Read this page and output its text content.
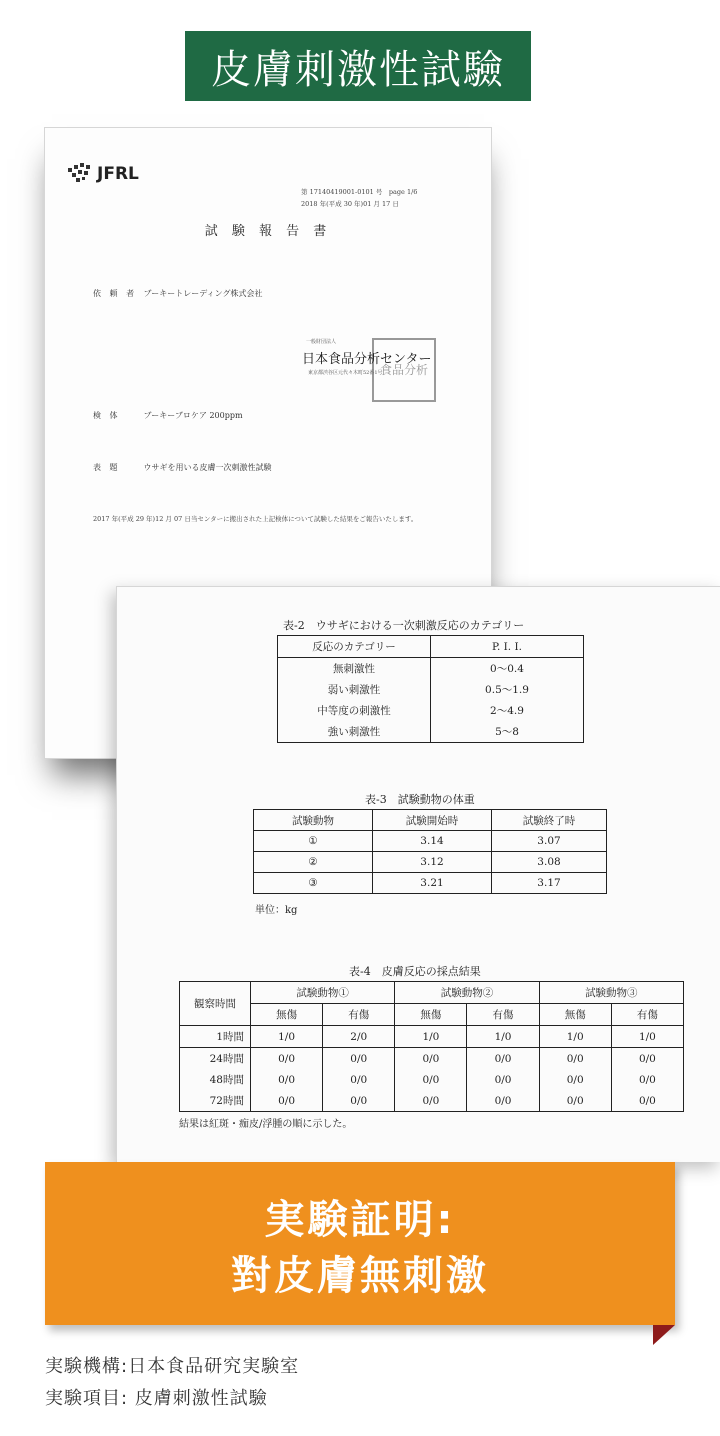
皮膚刺激性試驗
JFRL
第 17140419001-0101 号　page 1/6
2018 年(平成 30 年)01 月 17 日
試 験 報 告 書
依 頼 者 ブーキートレーディング株式会社
一般財団法人
日本食品分析センター
東京都渋谷区元代々木町52番1号
食品分析
検 体	ブーキーブロケア 200ppm
表 題	ウサギを用いる皮膚一次刺激性試験
2017 年(平成 29 年)12 月 07 日当センターに搬出された上記検体について試験した結果をご報告いたします。
表-2　ウサギにおける一次刺激反応のカテゴリー
反応のカテゴリー	P. I. I.
無刺激性	0〜0.4
弱い刺激性	0.5〜1.9
中等度の刺激性	2〜4.9
強い刺激性	5〜8
表-3　試験動物の体重
試験動物	試験開始時	試験終了時
①	3.14	3.07
②	3.12	3.08
③	3.21	3.17
単位：kg
表-4　皮膚反応の採点結果
観察時間	試験動物①		試験動物②		試験動物③	
	無傷	有傷	無傷	有傷	無傷	有傷
1時間	1/0	2/0	1/0	1/0	1/0	1/0
24時間	0/0	0/0	0/0	0/0	0/0	0/0
48時間	0/0	0/0	0/0	0/0	0/0	0/0
72時間	0/0	0/0	0/0	0/0	0/0	0/0
結果は紅斑・痂皮/浮腫の順に示した。
実験証明:
對皮膚無刺激
実験機構:日本食品研究実験室
実験項目: 皮膚刺激性試驗
